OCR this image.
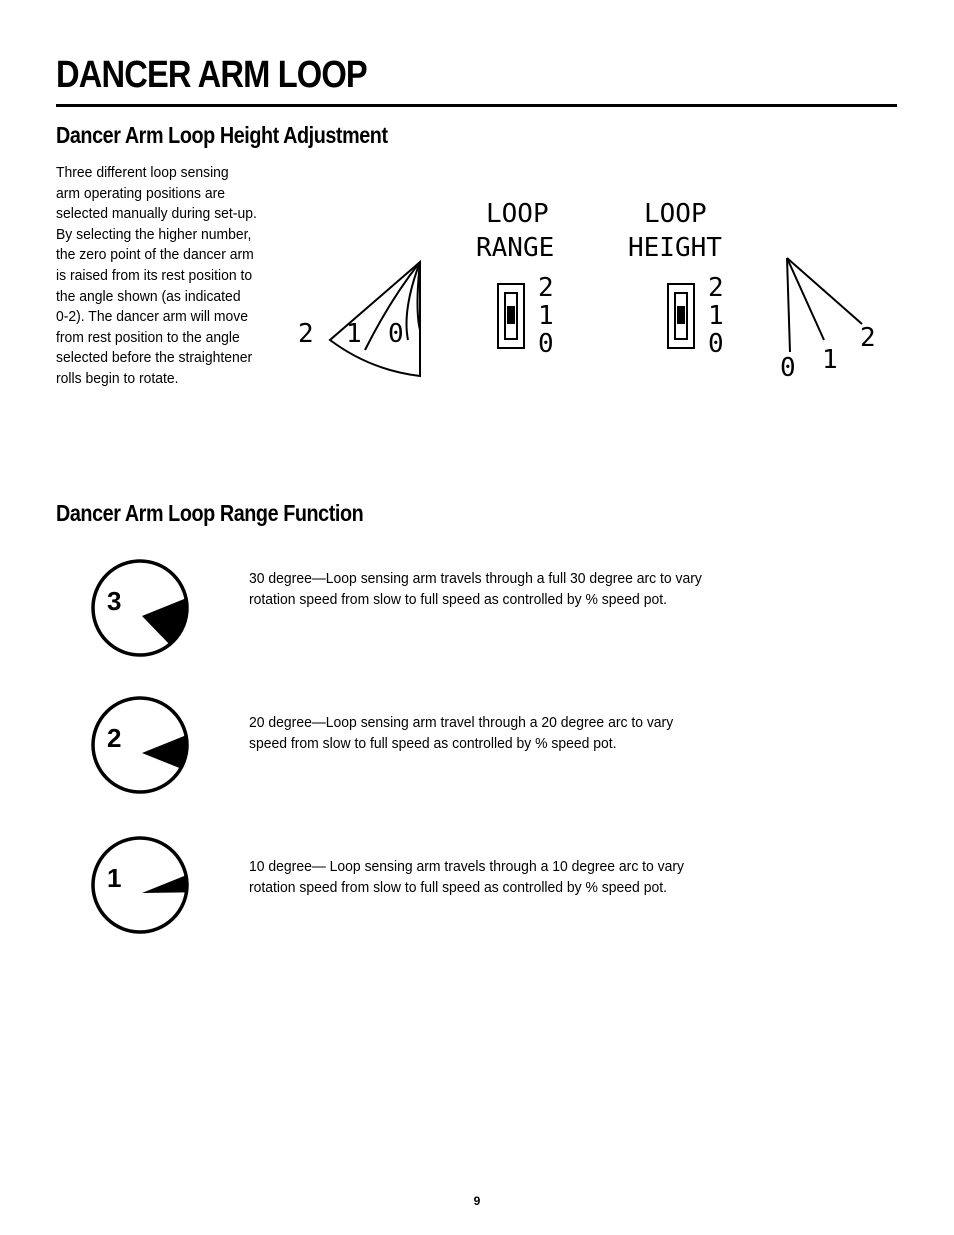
DANCER ARM LOOP
Dancer Arm Loop Height Adjustment
Three different loop sensing
arm operating positions are
selected manually during set-up.
By selecting the higher number,
the zero point of the dancer arm
is raised from its rest position to
the angle shown (as indicated
0-2). The dancer arm will move
from rest position to the angle
selected before the straightener
rolls begin to rotate.
2 1 0
LOOP
RANGE
LOOP
HEIGHT
2
1
0
2
1
0
0 1
2
Dancer Arm Loop Range Function
3
30 degree—Loop sensing arm travels through a full 30 degree arc to vary
rotation speed from slow to full speed as controlled by % speed pot.
2
20 degree—Loop sensing arm travel through a 20 degree arc to vary
speed from slow to full speed as controlled by % speed pot.
1	10 degree— Loop sensing arm travels through a 10 degree arc to vary
rotation speed from slow to full speed as controlled by % speed pot.
9
